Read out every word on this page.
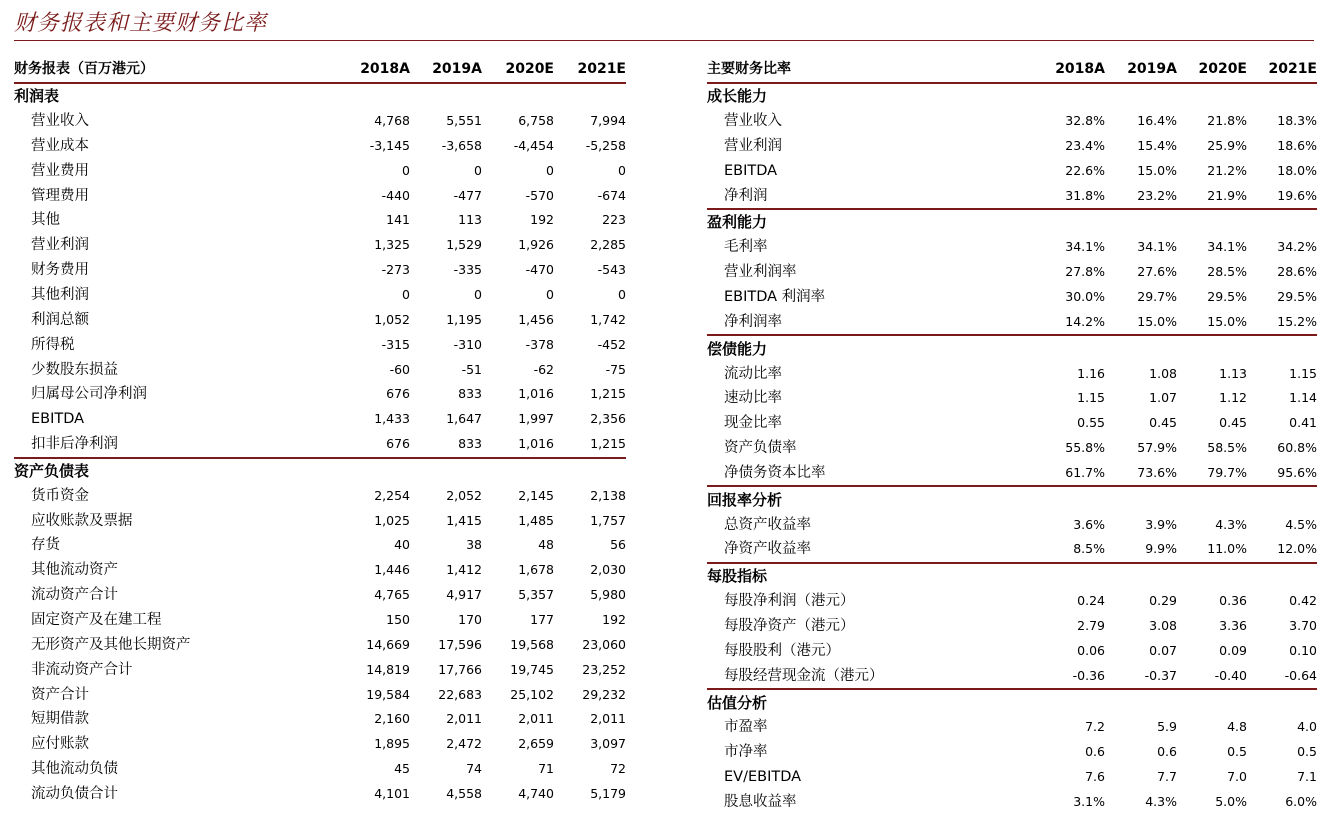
财务报表和主要财务比率
财务报表（百万港元）	2018A	2019A	2020E	2021E
利润表				
营业收入	4,768	5,551	6,758	7,994
营业成本	-3,145	-3,658	-4,454	-5,258
营业费用	0	0	0	0
管理费用	-440	-477	-570	-674
其他	141	113	192	223
营业利润	1,325	1,529	1,926	2,285
财务费用	-273	-335	-470	-543
其他利润	0	0	0	0
利润总额	1,052	1,195	1,456	1,742
所得税	-315	-310	-378	-452
少数股东损益	-60	-51	-62	-75
归属母公司净利润	676	833	1,016	1,215
EBITDA	1,433	1,647	1,997	2,356
扣非后净利润	676	833	1,016	1,215
资产负债表				
货币资金	2,254	2,052	2,145	2,138
应收账款及票据	1,025	1,415	1,485	1,757
存货	40	38	48	56
其他流动资产	1,446	1,412	1,678	2,030
流动资产合计	4,765	4,917	5,357	5,980
固定资产及在建工程	150	170	177	192
无形资产及其他长期资产	14,669	17,596	19,568	23,060
非流动资产合计	14,819	17,766	19,745	23,252
资产合计	19,584	22,683	25,102	29,232
短期借款	2,160	2,011	2,011	2,011
应付账款	1,895	2,472	2,659	3,097
其他流动负债	45	74	71	72
流动负债合计	4,101	4,558	4,740	5,179
主要财务比率	2018A	2019A	2020E	2021E
成长能力				
营业收入	32.8%	16.4%	21.8%	18.3%
营业利润	23.4%	15.4%	25.9%	18.6%
EBITDA	22.6%	15.0%	21.2%	18.0%
净利润	31.8%	23.2%	21.9%	19.6%
盈利能力				
毛利率	34.1%	34.1%	34.1%	34.2%
营业利润率	27.8%	27.6%	28.5%	28.6%
EBITDA 利润率	30.0%	29.7%	29.5%	29.5%
净利润率	14.2%	15.0%	15.0%	15.2%
偿债能力				
流动比率	1.16	1.08	1.13	1.15
速动比率	1.15	1.07	1.12	1.14
现金比率	0.55	0.45	0.45	0.41
资产负债率	55.8%	57.9%	58.5%	60.8%
净债务资本比率	61.7%	73.6%	79.7%	95.6%
回报率分析				
总资产收益率	3.6%	3.9%	4.3%	4.5%
净资产收益率	8.5%	9.9%	11.0%	12.0%
每股指标				
每股净利润（港元）	0.24	0.29	0.36	0.42
每股净资产（港元）	2.79	3.08	3.36	3.70
每股股利（港元）	0.06	0.07	0.09	0.10
每股经营现金流（港元）	-0.36	-0.37	-0.40	-0.64
估值分析				
市盈率	7.2	5.9	4.8	4.0
市净率	0.6	0.6	0.5	0.5
EV/EBITDA	7.6	7.7	7.0	7.1
股息收益率	3.1%	4.3%	5.0%	6.0%
